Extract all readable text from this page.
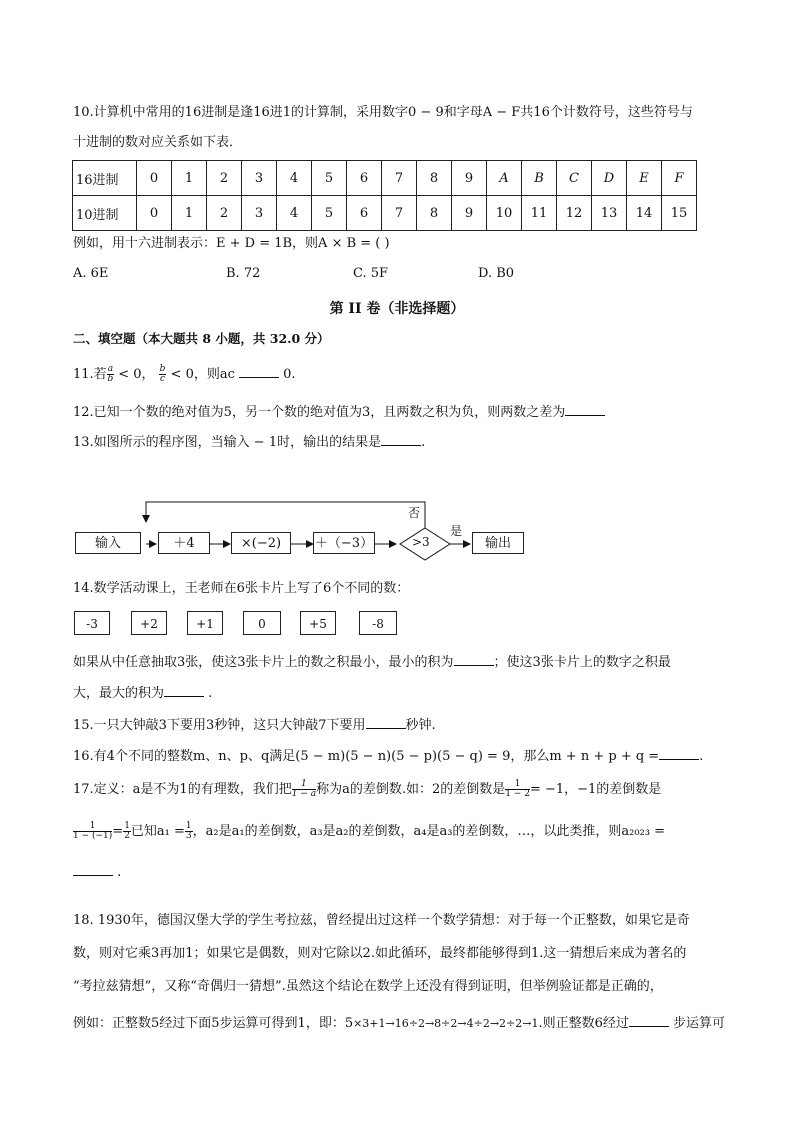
10.计算机中常用的16进制是逢16进1的计算制，采用数字0 − 9和字母A − F共16个计数符号，这些符号与
十进制的数对应关系如下表．
16进制	0	1	2	3	4	5	6	7	8	9	A	B	C	D	E	F
10进制	0	1	2	3	4	5	6	7	8	9	10	11	12	13	14	15
例如，用十六进制表示：E + D = 1B，则A × B = ( )
A. 6E	B. 72	C. 5F	D. B0
第 II 卷（非选择题）
二、填空题（本大题共 8 小题，共 32.0 分）
11.若 $\frac{a}{b} < 0$， $\frac{b}{c} < 0$，则ac	0.
12.已知一个数的绝对值为5，另一个数的绝对值为3，且两数之积为负，则两数之差为
13.如图所示的程序图，当输入 − 1时，输出的结果是	.
输入	＋4	×(−2)	＋（−3）	>3
否
是
输出
14.数学活动课上，王老师在6张卡片上写了6个不同的数：
-3	+2	+1	0	+5	-8
如果从中任意抽取3张，使这3张卡片上的数之积最小，最小的积为	；使这3张卡片上的数字之积最
大，最大的积为	.
15.一只大钟敲3下要用3秒钟，这只大钟敲7下要用	秒钟.
16.有4个不同的整数m、n、p、q满足(5 − m)(5 − n)(5 − p)(5 − q) = 9，那么m + n + p + q =	.
17.定义：a是不为1的有理数，我们把 $\frac{1}{1 - a}$ 称为a的差倒数.如：2的差倒数是 $\frac{1}{1 - 2} = -1$，−1的差倒数是
$\frac{1}{1 - (-1)} = \frac{1}{2}$ 已知$a_1 = \frac{1}{3}$ ，a₂是a₁的差倒数，a₃是a₂的差倒数，a₄是a₃的差倒数，…，以此类推，则a₂₀₂₃ =
.
18. 1930年，德国汉堡大学的学生考拉兹，曾经提出过这样一个数学猜想：对于每一个正整数，如果它是奇
数，则对它乘3再加1；如果它是偶数，则对它除以2.如此循环，最终都能够得到1.这一猜想后来成为著名的
“考拉兹猜想”，又称“奇偶归一猜想”.虽然这个结论在数学上还没有得到证明，但举例验证都是正确的，
例如：正整数5经过下面5步运算可得到1，即：5×3+1→16÷2→8÷2→4÷2→2÷2→1.则正整数6经过	步运算可
